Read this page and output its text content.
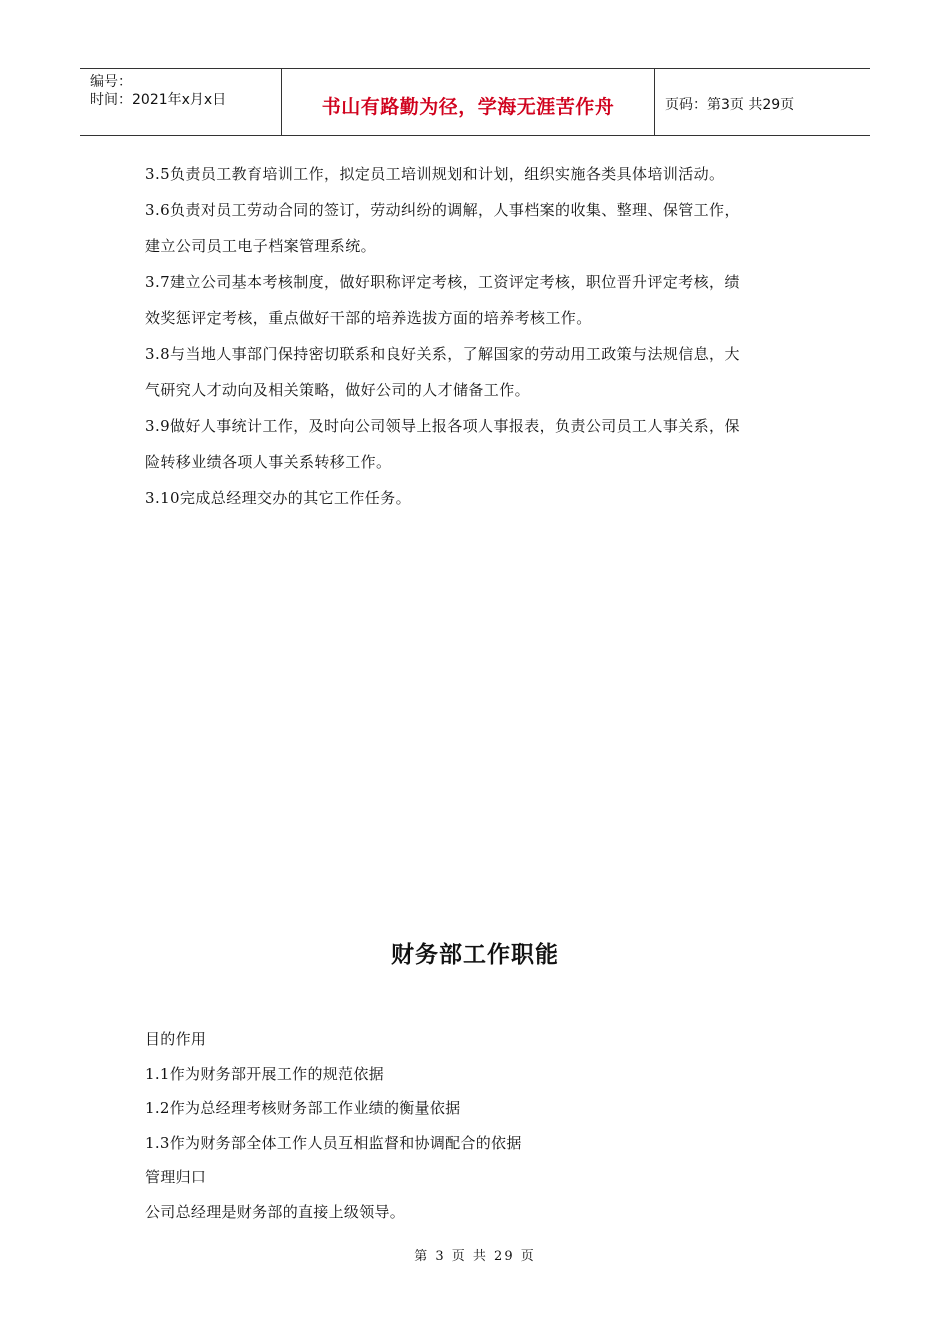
编号：
时间：2021年x月x日	书山有路勤为径，学海无涯苦作舟	页码：第3页 共29页

3.5负责员工教育培训工作，拟定员工培训规划和计划，组织实施各类具体培训活动。

3.6负责对员工劳动合同的签订，劳动纠纷的调解，人事档案的收集、整理、保管工作，

建立公司员工电子档案管理系统。

3.7建立公司基本考核制度，做好职称评定考核，工资评定考核，职位晋升评定考核，绩

效奖惩评定考核，重点做好干部的培养选拔方面的培养考核工作。

3.8与当地人事部门保持密切联系和良好关系，了解国家的劳动用工政策与法规信息，大

气研究人才动向及相关策略，做好公司的人才储备工作。

3.9做好人事统计工作，及时向公司领导上报各项人事报表，负责公司员工人事关系，保

险转移业绩各项人事关系转移工作。

3.10完成总经理交办的其它工作任务。

财务部工作职能

目的作用

1.1作为财务部开展工作的规范依据

1.2作为总经理考核财务部工作业绩的衡量依据

1.3作为财务部全体工作人员互相监督和协调配合的依据

管理归口

公司总经理是财务部的直接上级领导。

第 3 页 共 29 页
